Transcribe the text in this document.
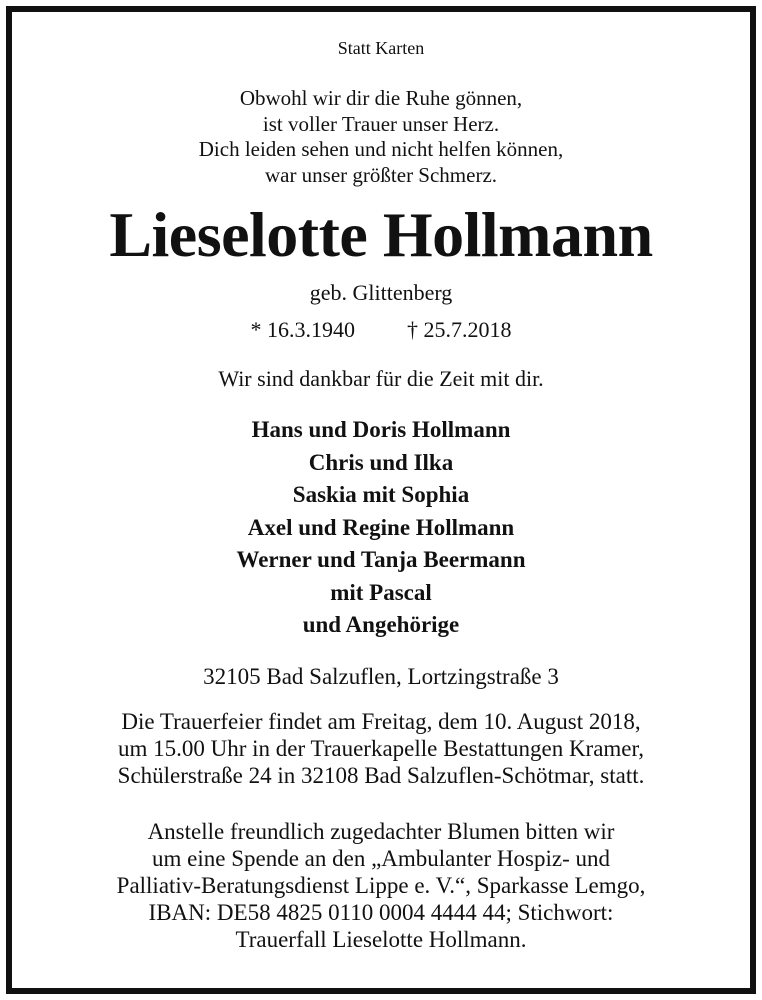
Statt Karten
Obwohl wir dir die Ruhe gönnen,
ist voller Trauer unser Herz.
Dich leiden sehen und nicht helfen können,
war unser größter Schmerz.
Lieselotte Hollmann
geb. Glittenberg
* 16.3.1940 † 25.7.2018
Wir sind dankbar für die Zeit mit dir.
Hans und Doris Hollmann
Chris und Ilka
Saskia mit Sophia
Axel und Regine Hollmann
Werner und Tanja Beermann
mit Pascal
und Angehörige
32105 Bad Salzuflen, Lortzingstraße 3
Die Trauerfeier findet am Freitag, dem 10. August 2018,
um 15.00 Uhr in der Trauerkapelle Bestattungen Kramer,
Schülerstraße 24 in 32108 Bad Salzuflen-Schötmar, statt.
Anstelle freundlich zugedachter Blumen bitten wir
um eine Spende an den „Ambulanter Hospiz- und
Palliativ-Beratungsdienst Lippe e. V.“, Sparkasse Lemgo,
IBAN: DE58 4825 0110 0004 4444 44; Stichwort:
Trauerfall Lieselotte Hollmann.
